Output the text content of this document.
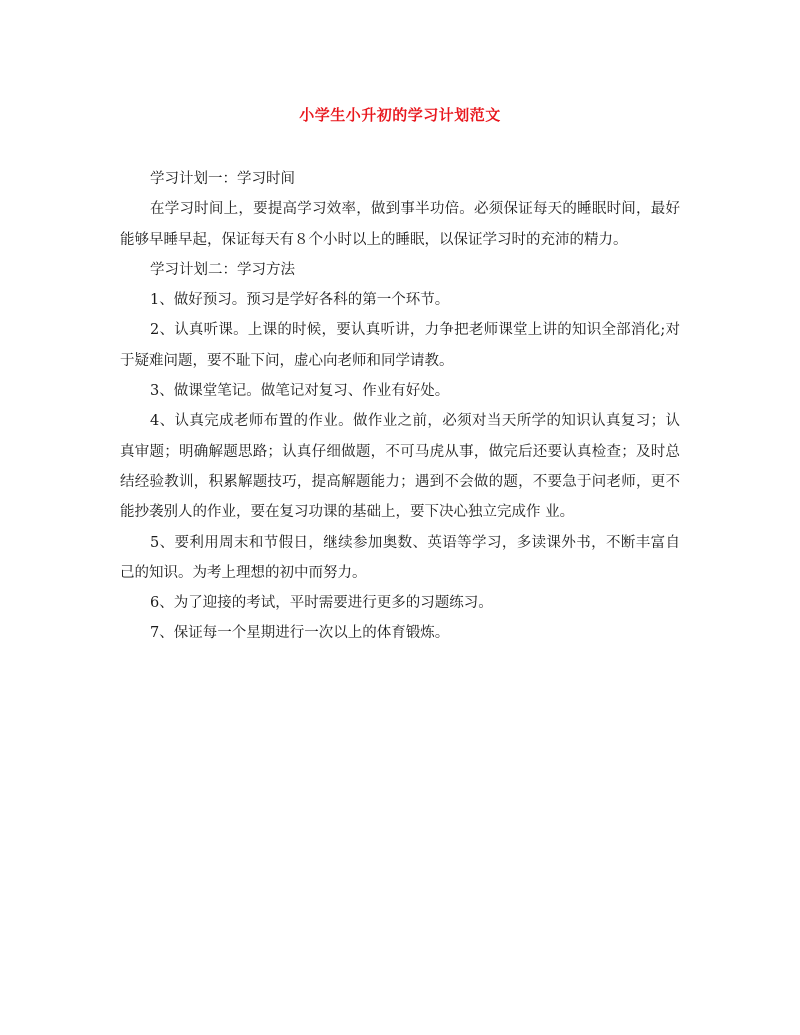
小学生小升初的学习计划范文

学习计划一：学习时间

在学习时间上，要提高学习效率，做到事半功倍。必须保证每天的睡眠时间，最好能够早睡早起，保证每天有８个小时以上的睡眠，以保证学习时的充沛的精力。

学习计划二：学习方法

1、做好预习。预习是学好各科的第一个环节。

2、认真听课。上课的时候，要认真听讲，力争把老师课堂上讲的知识全部消化;对于疑难问题，要不耻下问，虚心向老师和同学请教。

3、做课堂笔记。做笔记对复习、作业有好处。

4、认真完成老师布置的作业。做作业之前，必须对当天所学的知识认真复习；认真审题；明确解题思路；认真仔细做题，不可马虎从事，做完后还要认真检查；及时总结经验教训，积累解题技巧，提高解题能力；遇到不会做的题，不要急于问老师，更不能抄袭别人的作业，要在复习功课的基础上，要下决心独立完成作 业。

5、要利用周末和节假日，继续参加奥数、英语等学习，多读课外书，不断丰富自己的知识。为考上理想的初中而努力。

6、为了迎接的考试，平时需要进行更多的习题练习。

7、保证每一个星期进行一次以上的体育锻炼。
